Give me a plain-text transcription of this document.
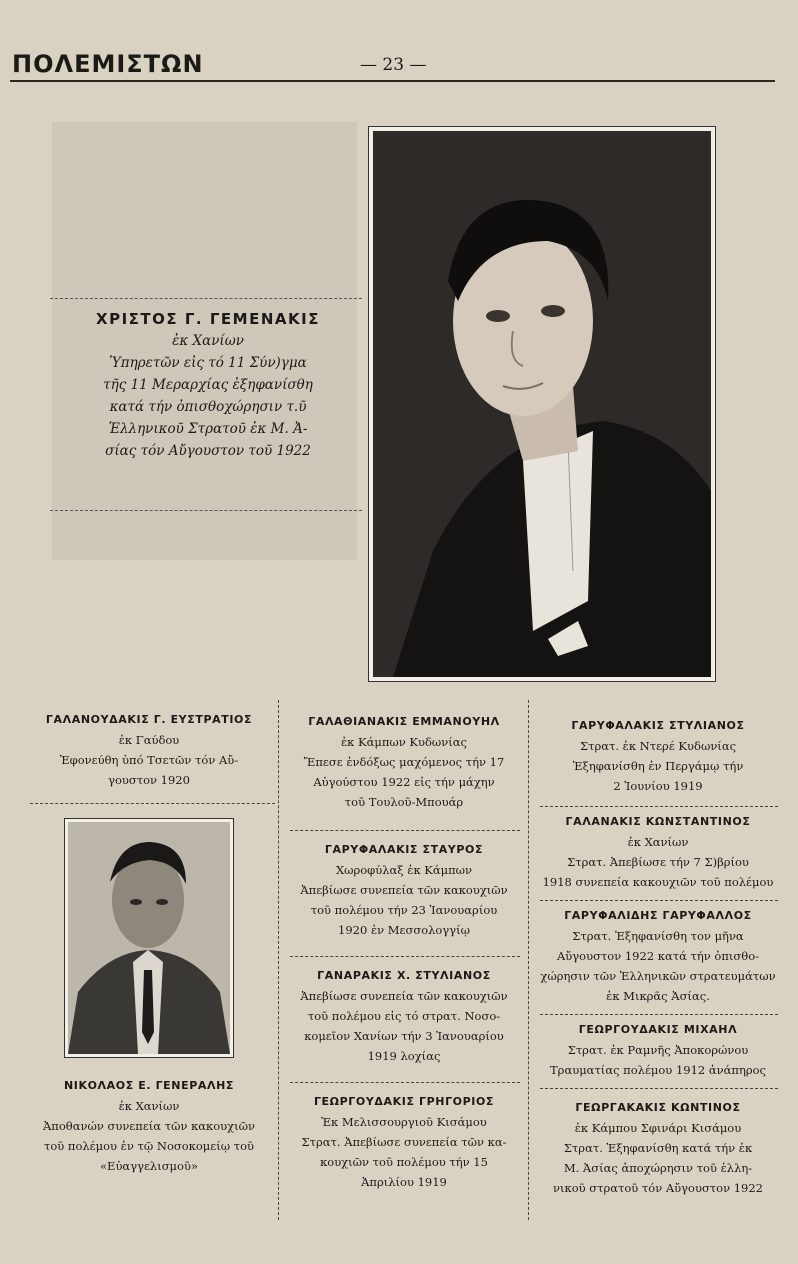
ΠΟΛΕΜΙΣΤΩΝ	— 23 —
ΧΡΙΣΤΟΣ Γ. ΓΕΜΕΝΑΚΙΣ
ἐκ Χανίων
Ὑπηρετῶν εἰς τό 11 Σύν)γμα
τῆς 11 Μεραρχίας ἐξηφανίσθη
κατά τήν ὀπισθοχώρησιν τ.ῦ
Ἑλληνικοῦ Στρατοῦ ἐκ Μ. Ἀ-
σίας τόν Αὔγουστον τοῦ 1922
ΓΑΛΑΝΟΥΔΑΚΙΣ Γ. ΕΥΣΤΡΑΤΙΟΣ
ἐκ Γαύδου
Ἐφονεύθη ὑπό Τσετῶν τόν Αὔ-
γουστον 1920
ΝΙΚΟΛΑΟΣ Ε. ΓΕΝΕΡΑΛΗΣ
ἐκ Χανίων
Ἀποθανών συνεπεία τῶν κακουχιῶν
τοῦ πολέμου ἐν τῷ Νοσοκομείῳ τοῦ
«Εὐαγγελισμοῦ»
ΓΑΛΑΘΙΑΝΑΚΙΣ ΕΜΜΑΝΟΥΗΛ
ἐκ Κάμπων Κυδωνίας
Ἔπεσε ἐνδόξως μαχόμενος τήν 17
Αὐγούστου 1922 εἰς τήν μάχην
τοῦ Τουλοῦ-Μπουάρ
ΓΑΡΥΦΑΛΑΚΙΣ ΣΤΑΥΡΟΣ
Χωροφύλαξ ἐκ Κάμπων
Ἀπεβίωσε συνεπεία τῶν κακουχιῶν
τοῦ πολέμου τήν 23 Ἰανουαρίου
1920 ἐν Μεσσολογγίῳ
ΓΑΝΑΡΑΚΙΣ Χ. ΣΤΥΛΙΑΝΟΣ
Ἀπεβίωσε συνεπεία τῶν κακουχιῶν
τοῦ πολέμου εἰς τό στρατ. Νοσο-
κομεῖον Χανίων τήν 3 Ἰανουαρίου
1919 λοχίας
ΓΕΩΡΓΟΥΔΑΚΙΣ ΓΡΗΓΟΡΙΟΣ
Ἐκ Μελισσουργιοῦ Κισάμου
Στρατ. Ἀπεβίωσε συνεπεία τῶν κα-
κουχιῶν τοῦ πολέμου τήν 15
Ἀπριλίου 1919
ΓΑΡΥΦΑΛΑΚΙΣ ΣΤΥΛΙΑΝΟΣ
Στρατ. ἐκ Ντερέ Κυδωνίας
Ἐξηφανίσθη ἐν Περγάμῳ τήν
2 Ἰουνίου 1919
ΓΑΛΑΝΑΚΙΣ ΚΩΝΣΤΑΝΤΙΝΟΣ
ἐκ Χανίων
Στρατ. Ἀπεβίωσε τήν 7 Σ)βρίου
1918 συνεπεία κακουχιῶν τοῦ πολέμου
ΓΑΡΥΦΑΛΙΔΗΣ ΓΑΡΥΦΑΛΛΟΣ
Στρατ. Ἐξηφανίσθη τον μῆνα
Αὔγουστον 1922 κατά τήν ὀπισθο-
χώρησιν τῶν Ἑλληνικῶν στρατευμάτων
ἐκ Μικρᾶς Ἀσίας.
ΓΕΩΡΓΟΥΔΑΚΙΣ ΜΙΧΑΗΛ
Στρατ. ἐκ Ραμνῆς Ἀποκορώνου
Τραυματίας πολέμου 1912 ἀνάπηρος
ΓΕΩΡΓΑΚΑΚΙΣ ΚΩΝΤΙΝΟΣ
ἐκ Κάμπου Σφινάρι Κισάμου
Στρατ. Ἐξηφανίσθη κατά τήν ἐκ
Μ. Ἀσίας ἀποχώρησιν τοῦ ἑλλη-
νικοῦ στρατοῦ τόν Αὔγουστον 1922
